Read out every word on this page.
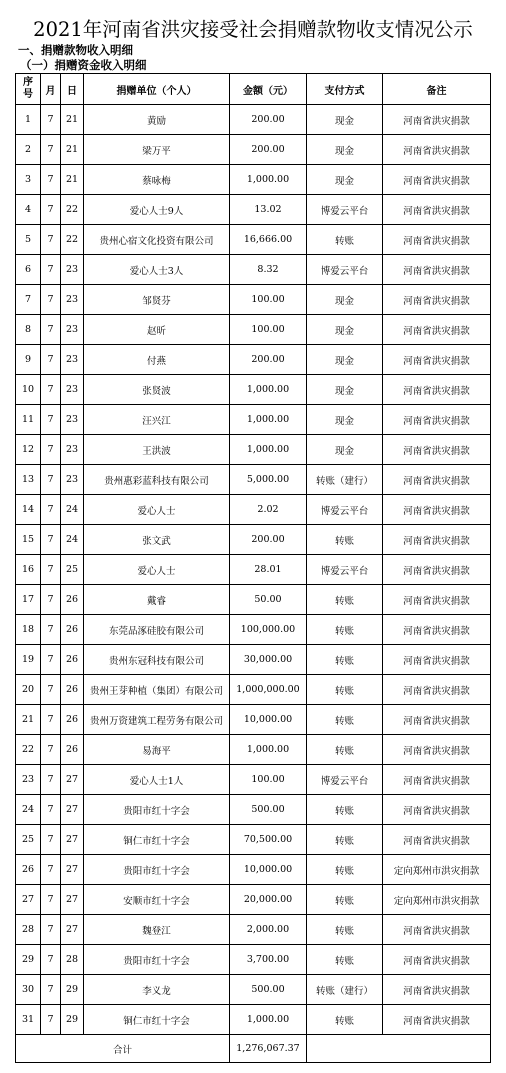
2021年河南省洪灾接受社会捐赠款物收支情况公示
一、捐赠款物收入明细
（一）捐赠资金收入明细
序号	月	日	捐赠单位（个人）	金额（元）	支付方式	备注
1	7	21	黄励	200.00	现金	河南省洪灾捐款
2	7	21	梁万平	200.00	现金	河南省洪灾捐款
3	7	21	蔡咏梅	1,000.00	现金	河南省洪灾捐款
4	7	22	爱心人士9人	13.02	博爱云平台	河南省洪灾捐款
5	7	22	贵州心宿文化投资有限公司	16,666.00	转账	河南省洪灾捐款
6	7	23	爱心人士3人	8.32	博爱云平台	河南省洪灾捐款
7	7	23	邹贤芬	100.00	现金	河南省洪灾捐款
8	7	23	赵昕	100.00	现金	河南省洪灾捐款
9	7	23	付燕	200.00	现金	河南省洪灾捐款
10	7	23	张贤波	1,000.00	现金	河南省洪灾捐款
11	7	23	汪兴江	1,000.00	现金	河南省洪灾捐款
12	7	23	王洪波	1,000.00	现金	河南省洪灾捐款
13	7	23	贵州惠彩蓝科技有限公司	5,000.00	转账（建行）	河南省洪灾捐款
14	7	24	爱心人士	2.02	博爱云平台	河南省洪灾捐款
15	7	24	张文武	200.00	转账	河南省洪灾捐款
16	7	25	爱心人士	28.01	博爱云平台	河南省洪灾捐款
17	7	26	戴睿	50.00	转账	河南省洪灾捐款
18	7	26	东莞品涿硅胶有限公司	100,000.00	转账	河南省洪灾捐款
19	7	26	贵州东冠科技有限公司	30,000.00	转账	河南省洪灾捐款
20	7	26	贵州王芽种植（集团）有限公司	1,000,000.00	转账	河南省洪灾捐款
21	7	26	贵州万资建筑工程劳务有限公司	10,000.00	转账	河南省洪灾捐款
22	7	26	易海平	1,000.00	转账	河南省洪灾捐款
23	7	27	爱心人士1人	100.00	博爱云平台	河南省洪灾捐款
24	7	27	贵阳市红十字会	500.00	转账	河南省洪灾捐款
25	7	27	铜仁市红十字会	70,500.00	转账	河南省洪灾捐款
26	7	27	贵阳市红十字会	10,000.00	转账	定向郑州市洪灾捐款
27	7	27	安顺市红十字会	20,000.00	转账	定向郑州市洪灾捐款
28	7	27	魏登江	2,000.00	转账	河南省洪灾捐款
29	7	28	贵阳市红十字会	3,700.00	转账	河南省洪灾捐款
30	7	29	李义龙	500.00	转账（建行）	河南省洪灾捐款
31	7	29	铜仁市红十字会	1,000.00	转账	河南省洪灾捐款
合计				1,276,067.37		
